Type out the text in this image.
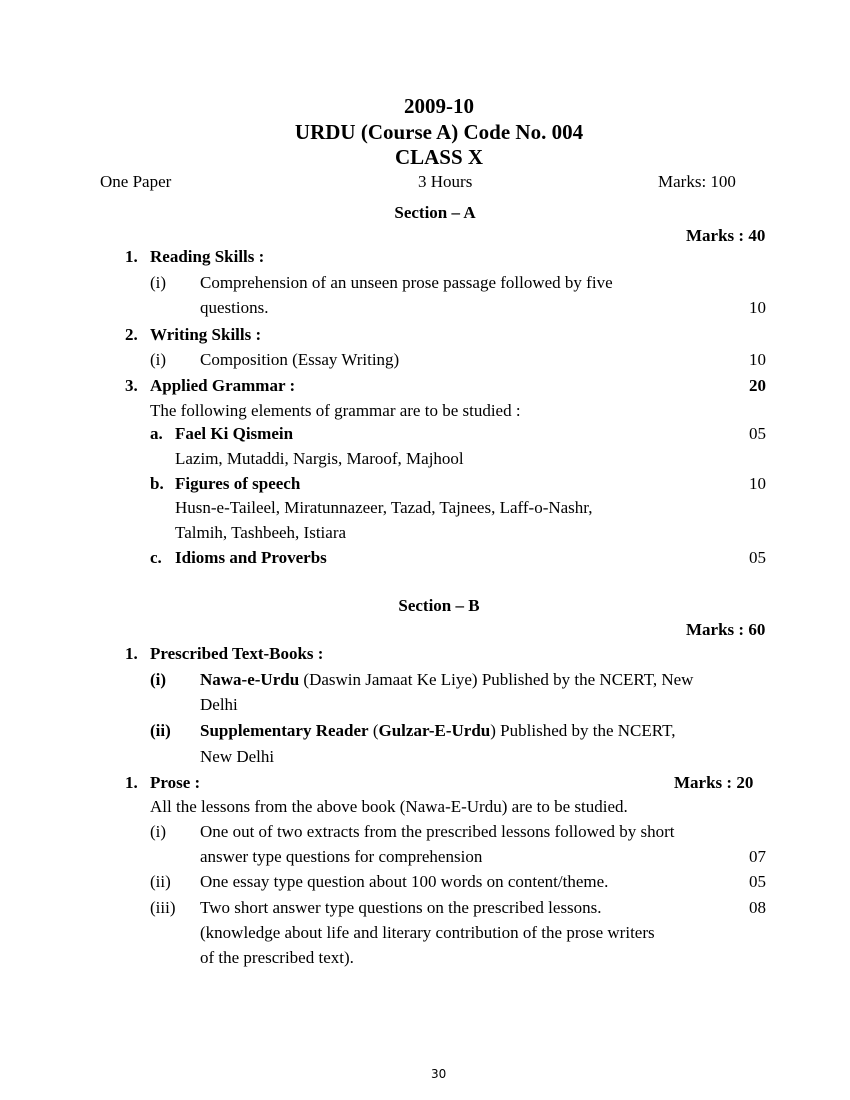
2009-10
URDU (Course A) Code No. 004
CLASS X
One Paper	3 Hours	Marks: 100
Section – A
Marks : 40
1. Reading Skills :
(i) Comprehension of an unseen prose passage followed by five
questions.	10
2. Writing Skills :
(i) Composition (Essay Writing)	10
3. Applied Grammar :	20
The following elements of grammar are to be studied :
a. Fael Ki Qismein	05
Lazim, Mutaddi, Nargis, Maroof, Majhool
b. Figures of speech	10
Husn-e-Taileel, Miratunnazeer, Tazad, Tajnees, Laff-o-Nashr,
Talmih, Tashbeeh, Istiara
c. Idioms and Proverbs	05
Section – B
Marks : 60
1. Prescribed Text-Books :
(i) Nawa-e-Urdu (Daswin Jamaat Ke Liye) Published by the NCERT, New
Delhi
(ii) Supplementary Reader (Gulzar-E-Urdu) Published by the NCERT,
New Delhi
1. Prose :	Marks : 20
All the lessons from the above book (Nawa-E-Urdu) are to be studied.
(i) One out of two extracts from the prescribed lessons followed by short
answer type questions for comprehension	07
(ii) One essay type question about 100 words on content/theme.	05
(iii) Two short answer type questions on the prescribed lessons.	08
(knowledge about life and literary contribution of the prose writers
of the prescribed text).
30
